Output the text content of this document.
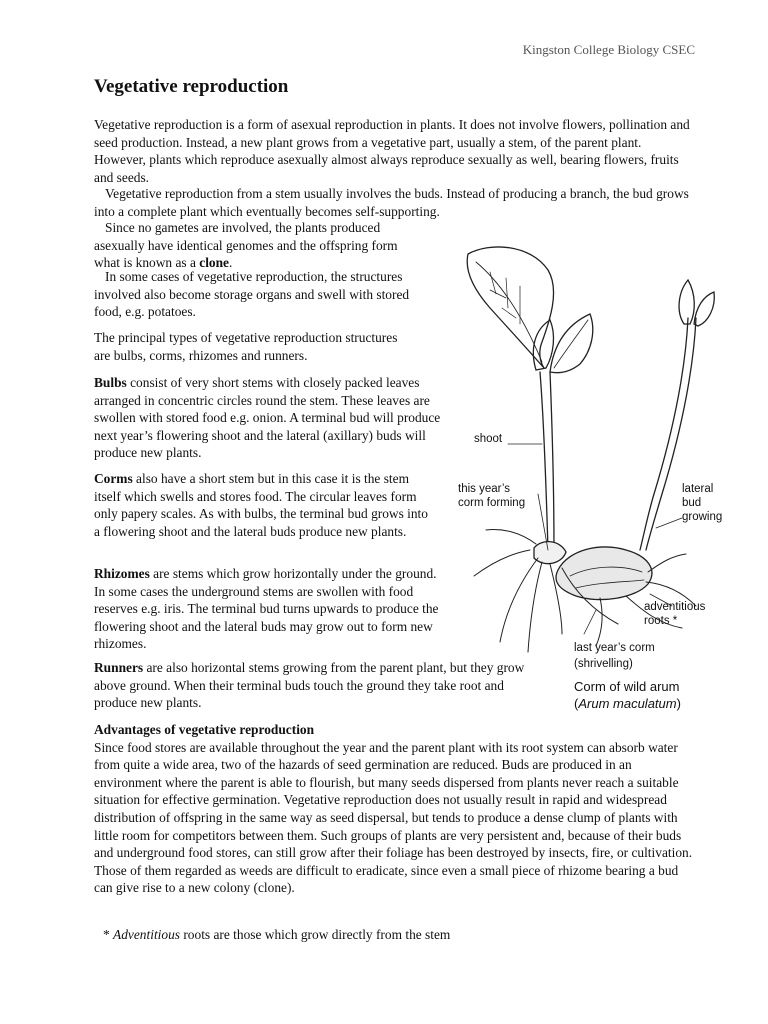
Kingston College Biology CSEC
Vegetative reproduction

Vegetative reproduction is a form of asexual reproduction in plants. It does not involve flowers, pollination and seed production. Instead, a new plant grows from a vegetative part, usually a stem, of the parent plant. However, plants which reproduce asexually almost always reproduce sexually as well, bearing flowers, fruits and seeds.

Vegetative reproduction from a stem usually involves the buds. Instead of producing a branch, the bud grows into a complete plant which eventually becomes self-supporting.

Since no gametes are involved, the plants produced asexually have identical genomes and the offspring form what is known as a clone.

In some cases of vegetative reproduction, the structures involved also become storage organs and swell with stored food, e.g. potatoes.

The principal types of vegetative reproduction structures are bulbs, corms, rhizomes and runners.

Bulbs consist of very short stems with closely packed leaves arranged in concentric circles round the stem. These leaves are swollen with stored food e.g. onion. A terminal bud will produce next year’s flowering shoot and the lateral (axillary) buds will produce new plants.

Corms also have a short stem but in this case it is the stem itself which swells and stores food. The circular leaves form only papery scales. As with bulbs, the terminal bud grows into a flowering shoot and the lateral buds produce new plants.

Rhizomes are stems which grow horizontally under the ground. In some cases the underground stems are swollen with food reserves e.g. iris. The terminal bud turns upwards to produce the flowering shoot and the lateral buds may grow out to form new rhizomes.

Runners are also horizontal stems growing from the parent plant, but they grow above ground. When their terminal buds touch the ground they take root and produce new plants.

Advantages of vegetative reproduction
Since food stores are available throughout the year and the parent plant with its root system can absorb water from quite a wide area, two of the hazards of seed germination are reduced. Buds are produced in an environment where the parent is able to flourish, but many seeds dispersed from plants never reach a suitable situation for effective germination. Vegetative reproduction does not usually result in rapid and widespread distribution of offspring in the same way as seed dispersal, but tends to produce a dense clump of plants with little room for competitors between them. Such groups of plants are very persistent and, because of their buds and underground food stores, can still grow after their foliage has been destroyed by insects, fire, or cultivation. Those of them regarded as weeds are difficult to eradicate, since even a small piece of rhizome bearing a bud can give rise to a new colony (clone).

* Adventitious roots are those which grow directly from the stem
shoot
this year’s
corm forming
lateral
bud
growing
adventitious
roots *
last year’s corm
(shrivelling)
Corm of wild arum
(Arum maculatum)
